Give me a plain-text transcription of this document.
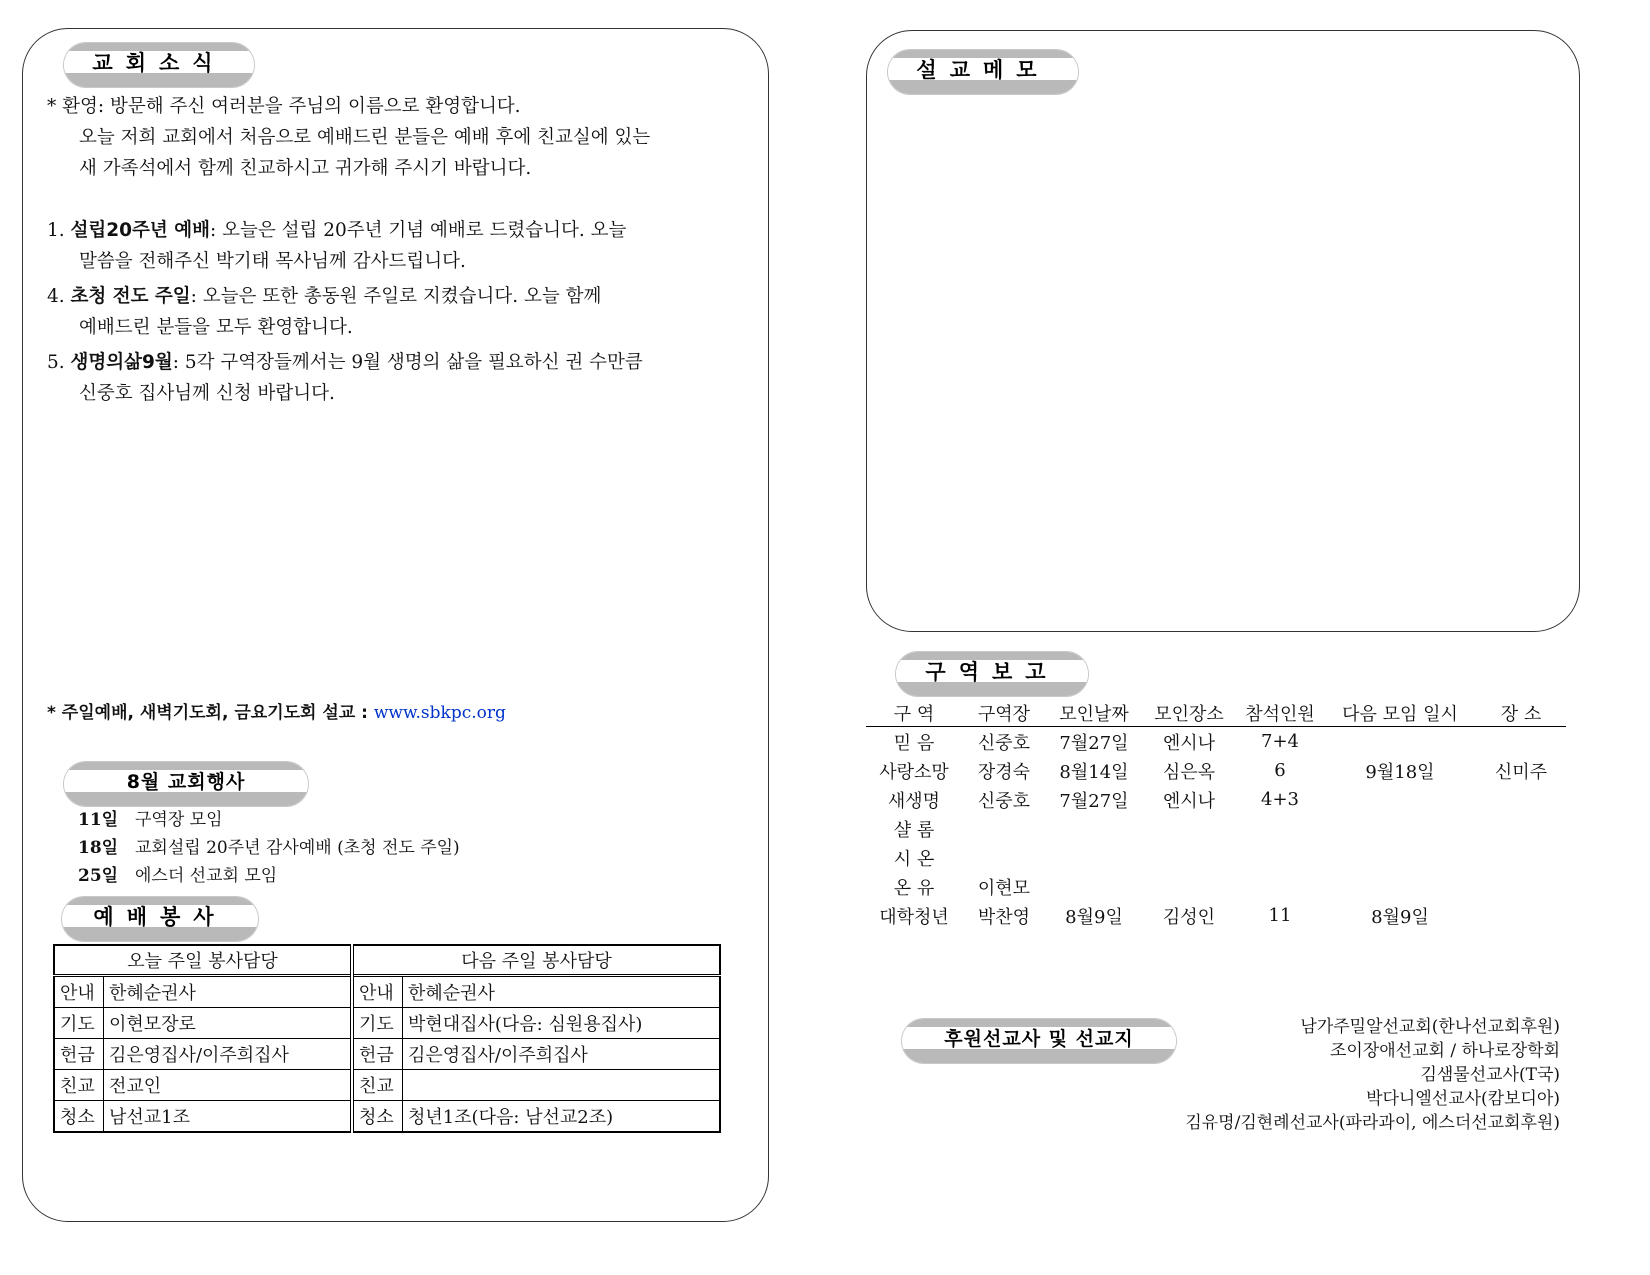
교회소식
* 환영: 방문해 주신 여러분을 주님의 이름으로 환영합니다.
오늘 저희 교회에서 처음으로 예배드린 분들은 예배 후에 친교실에 있는
새 가족석에서 함께 친교하시고 귀가해 주시기 바랍니다.
1. 설립20주년 예배: 오늘은 설립 20주년 기념 예배로 드렸습니다. 오늘
말씀을 전해주신 박기태 목사님께 감사드립니다.
4. 초청 전도 주일: 오늘은 또한 총동원 주일로 지켰습니다. 오늘 함께
예배드린 분들을 모두 환영합니다.
5. 생명의삶9월: 5각 구역장들께서는 9월 생명의 삶을 필요하신 권 수만큼
신중호 집사님께 신청 바랍니다.
* 주일예배, 새벽기도회, 금요기도회 설교 : www.sbkpc.org
8월 교회행사
11일 구역장 모임
18일 교회설립 20주년 감사예배 (초청 전도 주일)
25일 에스더 선교회 모임
예배봉사
오늘 주일 봉사담당		다음 주일 봉사담당	
안내	한혜순권사	안내	한혜순권사
기도	이현모장로	기도	박현대집사(다음: 심원용집사)
헌금	김은영집사/이주희집사	헌금	김은영집사/이주희집사
친교	전교인	친교	
청소	남선교1조	청소	청년1조(다음: 남선교2조)
설교메모
구역보고
구 역	구역장	모인날짜	모인장소	참석인원	다음 모임 일시	장 소
믿 음	신중호	7월27일	엔시나	7+4		
사랑소망	장경숙	8월14일	심은옥	6	9월18일	신미주
새생명	신중호	7월27일	엔시나	4+3		
샬 롬						
시 온						
온 유	이현모					
대학청년	박찬영	8월9일	김성인	11	8월9일	
후원선교사 및 선교지
남가주밀알선교회(한나선교회후원)
조이장애선교회 / 하나로장학회
김샘물선교사(T국)
박다니엘선교사(캄보디아)
김유명/김현례선교사(파라과이, 에스더선교회후원)
